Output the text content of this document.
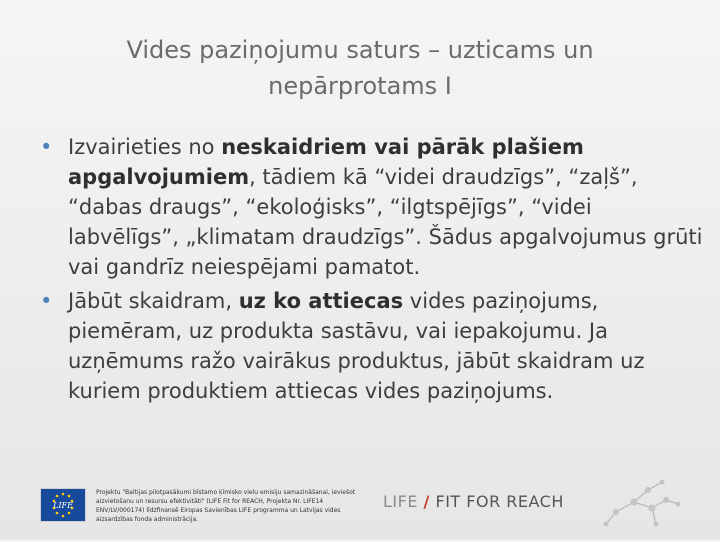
Vides paziņojumu saturs – uzticams un
nepārprotams I
• Izvairieties no neskaidriem vai pārāk plašiem apgalvojumiem, tādiem kā “videi draudzīgs”, “zaļš”, “dabas draugs”, “ekoloģisks”, “ilgtspējīgs”, “videi labvēlīgs”, „klimatam draudzīgs”. Šādus apgalvojumus grūti vai gandrīz neiespējami pamatot.
• Jābūt skaidram, uz ko attiecas vides paziņojums, piemēram, uz produkta sastāvu, vai iepakojumu. Ja uzņēmums ražo vairākus produktus, jābūt skaidram uz kuriem produktiem attiecas vides paziņojums.
LIFE
Projektu "Baltijas pilotpasākumi bīstamo ķīmisko vielu emisiju samazināšanai, ieviešot aizvietošanu un resursu efektivitāti" (LIFE Fit for REACH, Projekta Nr. LIFE14 ENV/LV/000174) līdzfinansē Eiropas Savienības LIFE programma un Latvijas vides aizsardzības fonda administrācija.
LIFE / FIT FOR REACH
